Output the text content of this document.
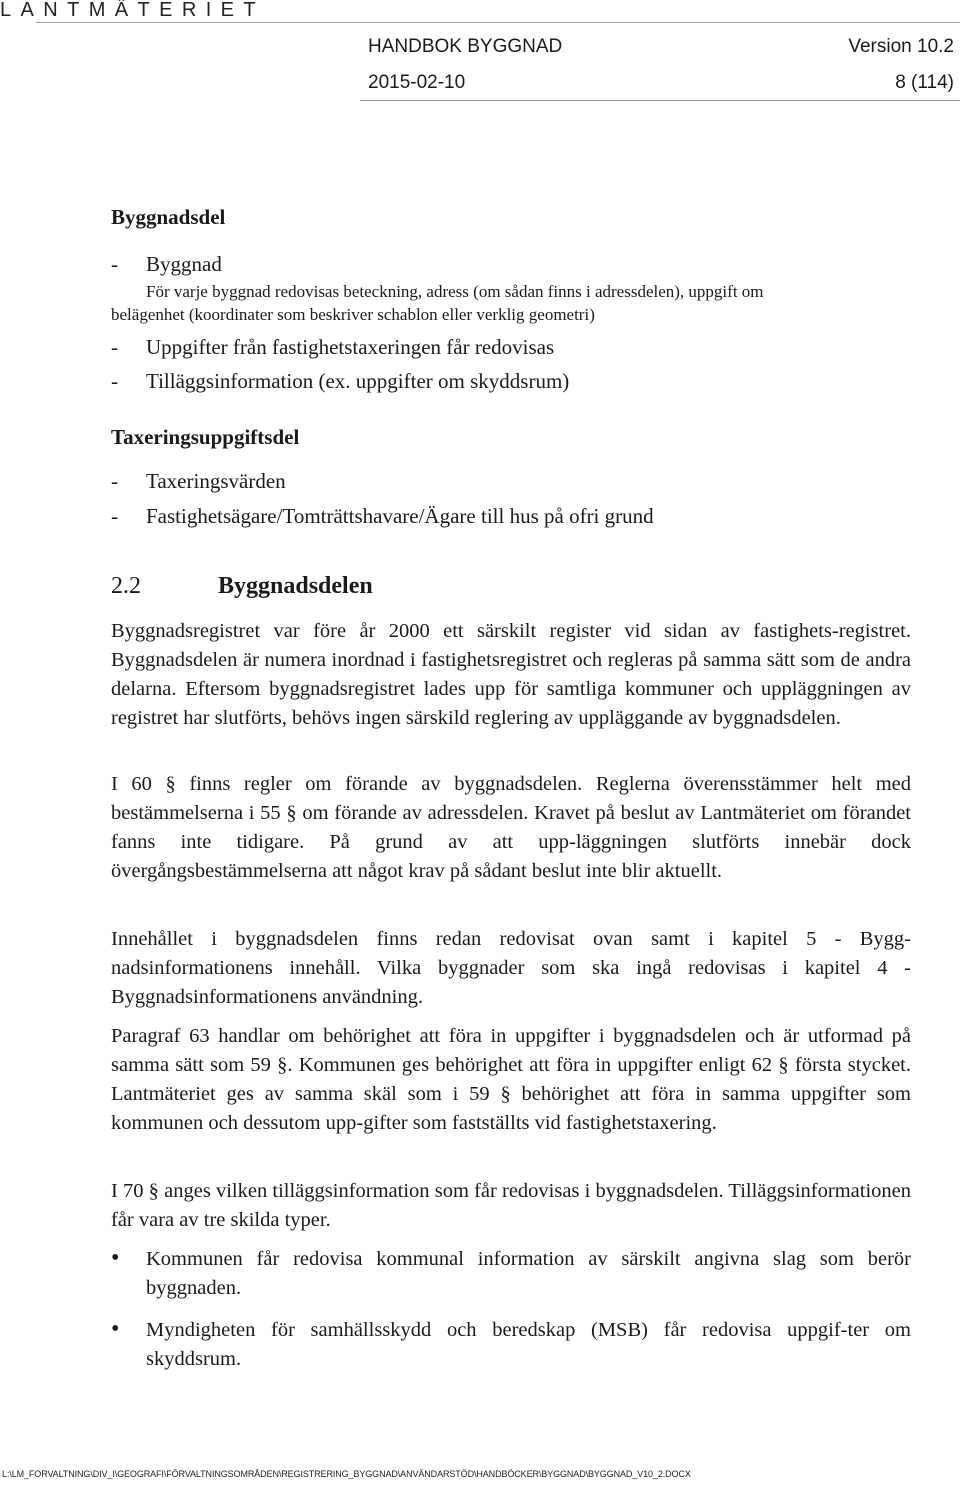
LANTMÄTERIET
HANDBOK BYGGNAD	Version 10.2
2015-02-10	8 (114)
Byggnadsdel
- Byggnad
För varje byggnad redovisas beteckning, adress (om sådan finns i adressdelen), uppgift om
belägenhet (koordinater som beskriver schablon eller verklig geometri)
- Uppgifter från fastighetstaxeringen får redovisas
- Tilläggsinformation (ex. uppgifter om skyddsrum)
Taxeringsuppgiftsdel
- Taxeringsvärden
- Fastighetsägare/Tomträttshavare/Ägare till hus på ofri grund
2.2	Byggnadsdelen
Byggnadsregistret var före år 2000 ett särskilt register vid sidan av fastighets-registret. Byggnadsdelen är numera inordnad i fastighetsregistret och regleras på samma sätt som de andra delarna. Eftersom byggnadsregistret lades upp för samtliga kommuner och uppläggningen av registret har slutförts, behövs ingen särskild reglering av uppläggande av byggnadsdelen.
I 60 § finns regler om förande av byggnadsdelen. Reglerna överensstämmer helt med bestämmelserna i 55 § om förande av adressdelen. Kravet på beslut av Lantmäteriet om förandet fanns inte tidigare. På grund av att upp-läggningen slutförts innebär dock övergångsbestämmelserna att något krav på sådant beslut inte blir aktuellt.
Innehållet i byggnadsdelen finns redan redovisat ovan samt i kapitel 5 - Bygg-nadsinformationens innehåll. Vilka byggnader som ska ingå redovisas i kapitel 4 - Byggnadsinformationens användning.
Paragraf 63 handlar om behörighet att föra in uppgifter i byggnadsdelen och är utformad på samma sätt som 59 §. Kommunen ges behörighet att föra in uppgifter enligt 62 § första stycket. Lantmäteriet ges av samma skäl som i 59 § behörighet att föra in samma uppgifter som kommunen och dessutom upp-gifter som fastställts vid fastighetstaxering.
I 70 § anges vilken tilläggsinformation som får redovisas i byggnadsdelen. Tilläggsinformationen får vara av tre skilda typer.
• Kommunen får redovisa kommunal information av särskilt angivna slag som berör byggnaden.
• Myndigheten för samhällsskydd och beredskap (MSB) får redovisa uppgif-ter om skyddsrum.
L:\LM_FORVALTNING\DIV_I\GEOGRAFI\FÖRVALTNINGSOMRÅDEN\REGISTRERING_BYGGNAD\ANVÄNDARSTÖD\HANDBÖCKER\BYGGNAD\BYGGNAD_V10_2.DOCX
